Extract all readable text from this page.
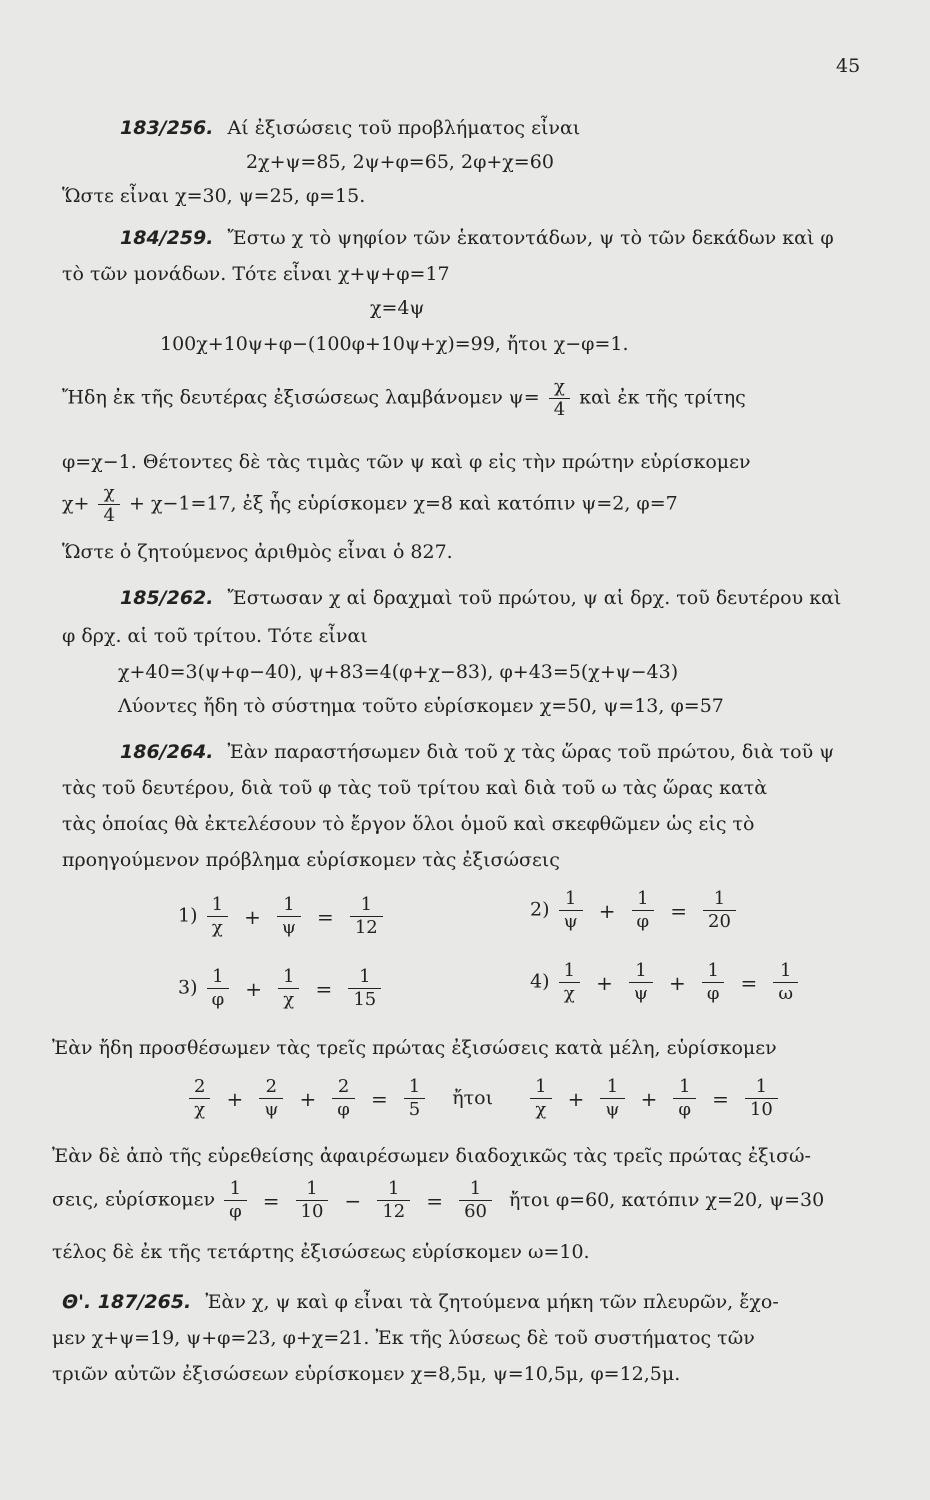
45
183/256. Αί ἐξισώσεις τοῦ προβλήματος εἶναι
2χ+ψ=85, 2ψ+φ=65, 2φ+χ=60
Ὥστε εἶναι χ=30, ψ=25, φ=15.
184/259. Ἔστω χ τὸ ψηφίον τῶν ἑκατοντάδων, ψ τὸ τῶν δεκάδων καὶ φ
τὸ τῶν μονάδων. Τότε εἶναι χ+ψ+φ=17
χ=4ψ
100χ+10ψ+φ−(100φ+10ψ+χ)=99, ἤτοι χ−φ=1.
Ἤδη ἐκ τῆς δευτέρας ἐξισώσεως λαμβάνομεν $\psi= \frac{\chi}{4}$ καὶ ἐκ τῆς τρίτης
φ=χ−1. Θέτοντες δὲ τὰς τιμὰς τῶν ψ καὶ φ εἰς τὴν πρώτην εὑρίσκομεν
$\chi+ \frac{\chi}{4} + \chi-1=17$, ἐξ ἧς εὑρίσκομεν χ=8 καὶ κατόπιν ψ=2, φ=7
Ὥστε ὁ ζητούμενος ἀριθμὸς εἶναι ὁ 827.
185/262. Ἔστωσαν χ αἱ δραχμαὶ τοῦ πρώτου, ψ αἱ δρχ. τοῦ δευτέρου καὶ
φ δρχ. αἱ τοῦ τρίτου. Τότε εἶναι
χ+40=3(ψ+φ−40), ψ+83=4(φ+χ−83), φ+43=5(χ+ψ−43)
Λύοντες ἤδη τὸ σύστημα τοῦτο εὑρίσκομεν χ=50, ψ=13, φ=57
186/264. Ἐὰν παραστήσωμεν διὰ τοῦ χ τὰς ὥρας τοῦ πρώτου, διὰ τοῦ ψ
τὰς τοῦ δευτέρου, διὰ τοῦ φ τὰς τοῦ τρίτου καὶ διὰ τοῦ ω τὰς ὥρας κατὰ
τὰς ὁποίας θὰ ἐκτελέσουν τὸ ἔργον ὅλοι ὁμοῦ καὶ σκεφθῶμεν ὡς εἰς τὸ
προηγούμενον πρόβλημα εὑρίσκομεν τὰς ἐξισώσεις
$1) \frac{1}{\chi} + \frac{1}{\psi} = \frac{1}{12}$	$2) \frac{1}{\psi} + \frac{1}{\varphi} = \frac{1}{20}$
$3) \frac{1}{\varphi} + \frac{1}{\chi} = \frac{1}{15}$	$4) \frac{1}{\chi} + \frac{1}{\psi} + \frac{1}{\varphi} = \frac{1}{\omega}$
Ἐὰν ἤδη προσθέσωμεν τὰς τρεῖς πρώτας ἐξισώσεις κατὰ μέλη, εὑρίσκομεν
$\frac{2}{\chi} + \frac{2}{\psi} + \frac{2}{\varphi} = \frac{1}{5}$ ἤτοι $\frac{1}{\chi} + \frac{1}{\psi} + \frac{1}{\varphi} = \frac{1}{10}$
Ἐὰν δὲ ἀπὸ τῆς εὑρεθείσης ἀφαιρέσωμεν διαδοχικῶς τὰς τρεῖς πρώτας ἐξισώ-
σεις, εὑρίσκομεν $\frac{1}{\varphi} = \frac{1}{10} - \frac{1}{12} = \frac{1}{60}$ ἤτοι φ=60, κατόπιν χ=20, ψ=30
τέλος δὲ ἐκ τῆς τετάρτης ἐξισώσεως εὑρίσκομεν ω=10.
Θ'. 187/265. Ἐὰν χ, ψ καὶ φ εἶναι τὰ ζητούμενα μήκη τῶν πλευρῶν, ἔχο-
μεν χ+ψ=19, ψ+φ=23, φ+χ=21. Ἐκ τῆς λύσεως δὲ τοῦ συστήματος τῶν
τριῶν αὐτῶν ἐξισώσεων εὑρίσκομεν χ=8,5μ, ψ=10,5μ, φ=12,5μ.
